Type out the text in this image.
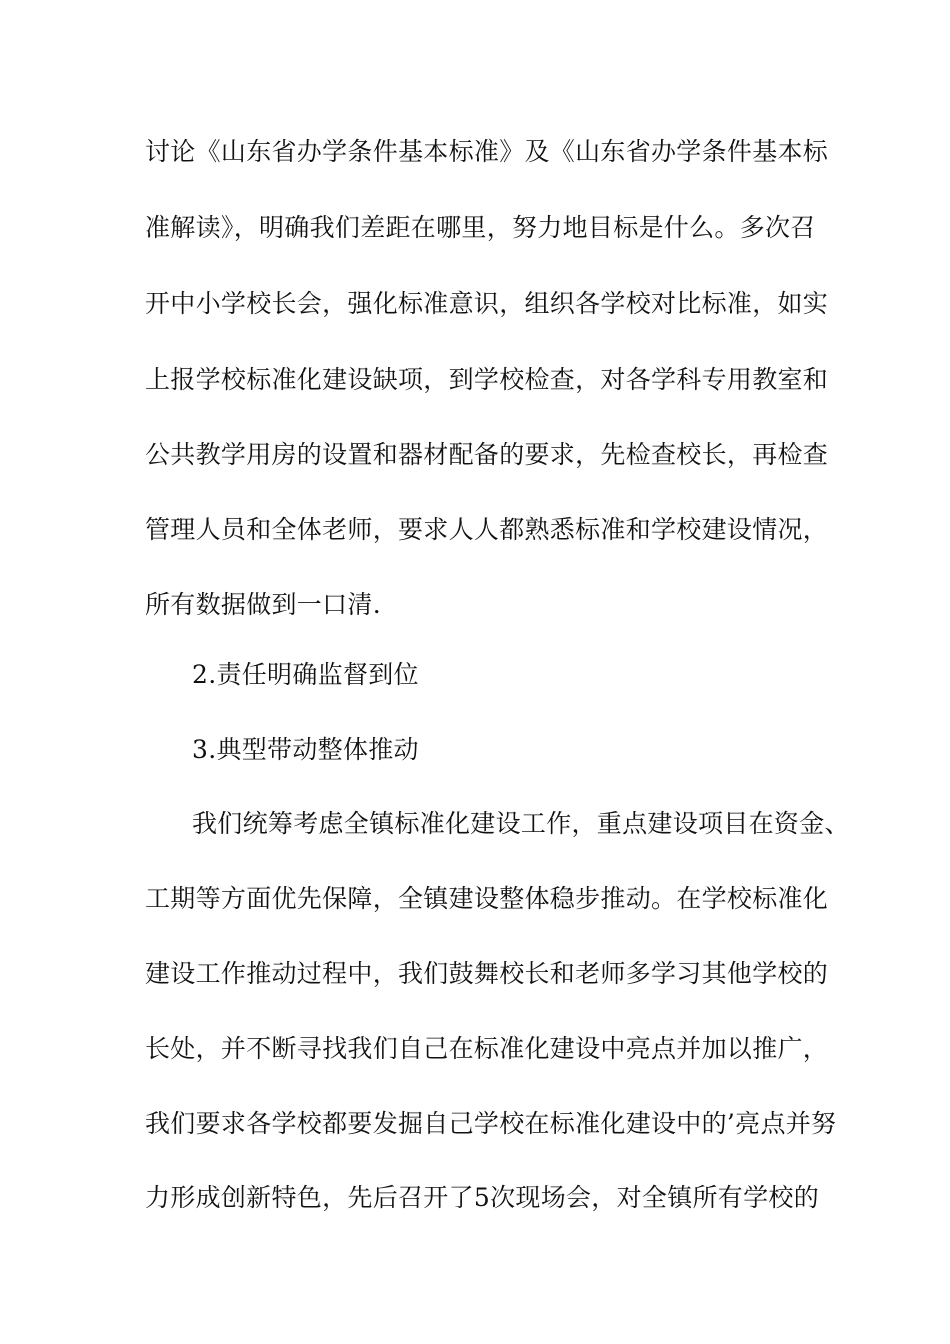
讨论《山东省办学条件基本标准》及《山东省办学条件基本标
准解读》，明确我们差距在哪里，努力地目标是什么。多次召
开中小学校长会，强化标准意识，组织各学校对比标准，如实
上报学校标准化建设缺项，到学校检查，对各学科专用教室和
公共教学用房的设置和器材配备的要求，先检查校长，再检查
管理人员和全体老师，要求人人都熟悉标准和学校建设情况，
所有数据做到一口清.
2.责任明确监督到位
3.典型带动整体推动
我们统筹考虑全镇标准化建设工作，重点建设项目在资金、
工期等方面优先保障，全镇建设整体稳步推动。在学校标准化
建设工作推动过程中，我们鼓舞校长和老师多学习其他学校的
长处，并不断寻找我们自己在标准化建设中亮点并加以推广，
我们要求各学校都要发掘自己学校在标准化建设中的’亮点并努
力形成创新特色，先后召开了5次现场会，对全镇所有学校的
